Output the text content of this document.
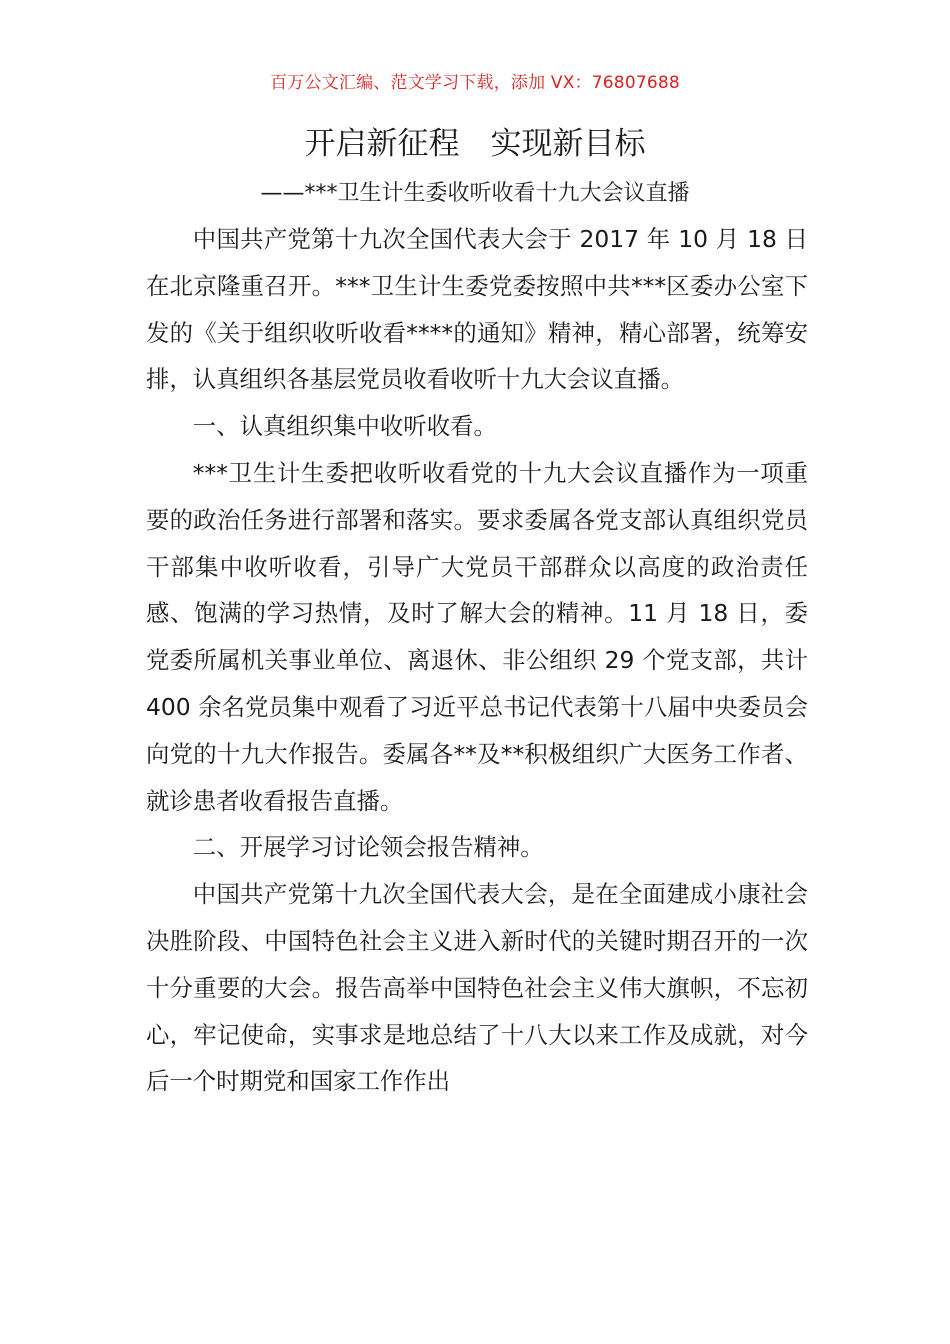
百万公文汇编、范文学习下载，添加 VX：76807688
开启新征程　实现新目标
——***卫生计生委收听收看十九大会议直播

中国共产党第十九次全国代表大会于 2017 年 10 月 18 日在北京隆重召开。***卫生计生委党委按照中共***区委办公室下发的《关于组织收听收看****的通知》精神，精心部署，统筹安排，认真组织各基层党员收看收听十九大会议直播。

一、认真组织集中收听收看。

***卫生计生委把收听收看党的十九大会议直播作为一项重要的政治任务进行部署和落实。要求委属各党支部认真组织党员干部集中收听收看，引导广大党员干部群众以高度的政治责任感、饱满的学习热情，及时了解大会的精神。11 月 18 日，委党委所属机关事业单位、离退休、非公组织 29 个党支部，共计 400 余名党员集中观看了习近平总书记代表第十八届中央委员会向党的十九大作报告。委属各**及**积极组织广大医务工作者、就诊患者收看报告直播。

二、开展学习讨论领会报告精神。

中国共产党第十九次全国代表大会，是在全面建成小康社会决胜阶段、中国特色社会主义进入新时代的关键时期召开的一次十分重要的大会。报告高举中国特色社会主义伟大旗帜，不忘初心，牢记使命，实事求是地总结了十八大以来工作及成就，对今后一个时期党和国家工作作出
